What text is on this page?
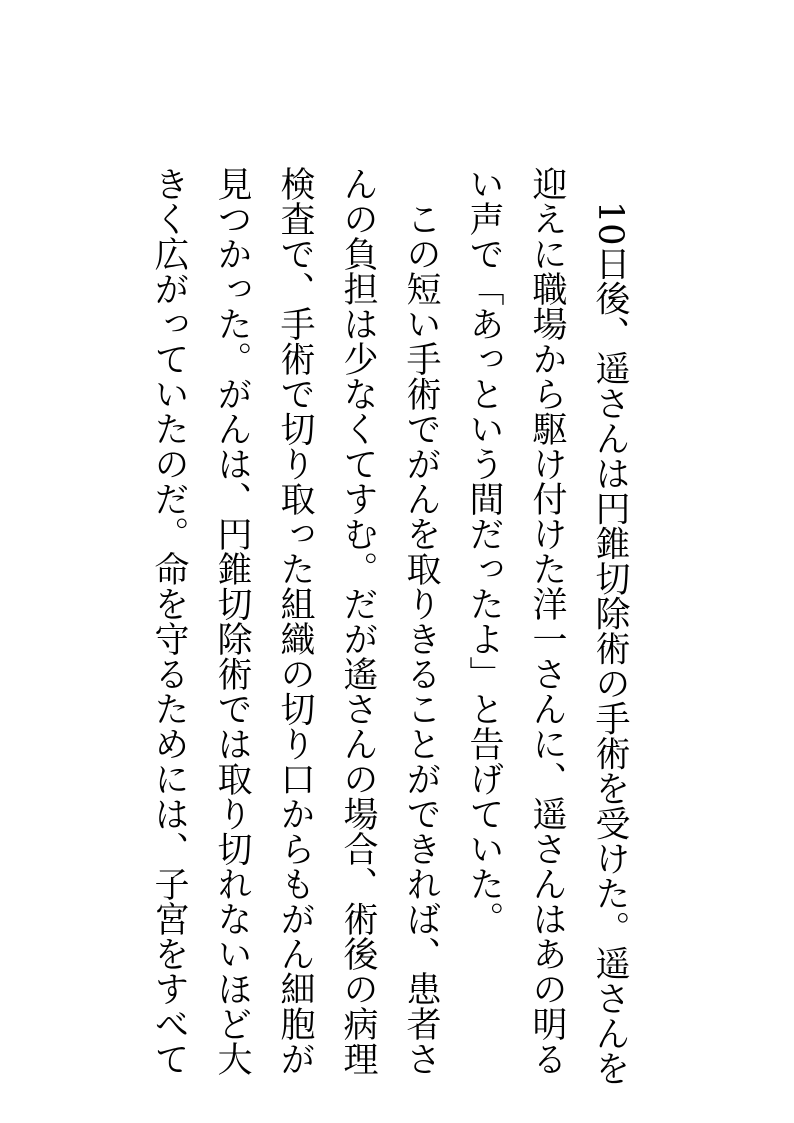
　10日後、遥さんは円錐切除術の手術を受けた。遥さんを
迎えに職場から駆け付けた洋一さんに、遥さんはあの明る
い声で「あっという間だったよ」と告げていた。
　この短い手術でがんを取りきることができれば、患者さ
んの負担は少なくてすむ。だが遙さんの場合、術後の病理
検査で、手術で切り取った組織の切り口からもがん細胞が
見つかった。がんは、円錐切除術では取り切れないほど大
きく広がっていたのだ。命を守るためには、子宮をすべて
